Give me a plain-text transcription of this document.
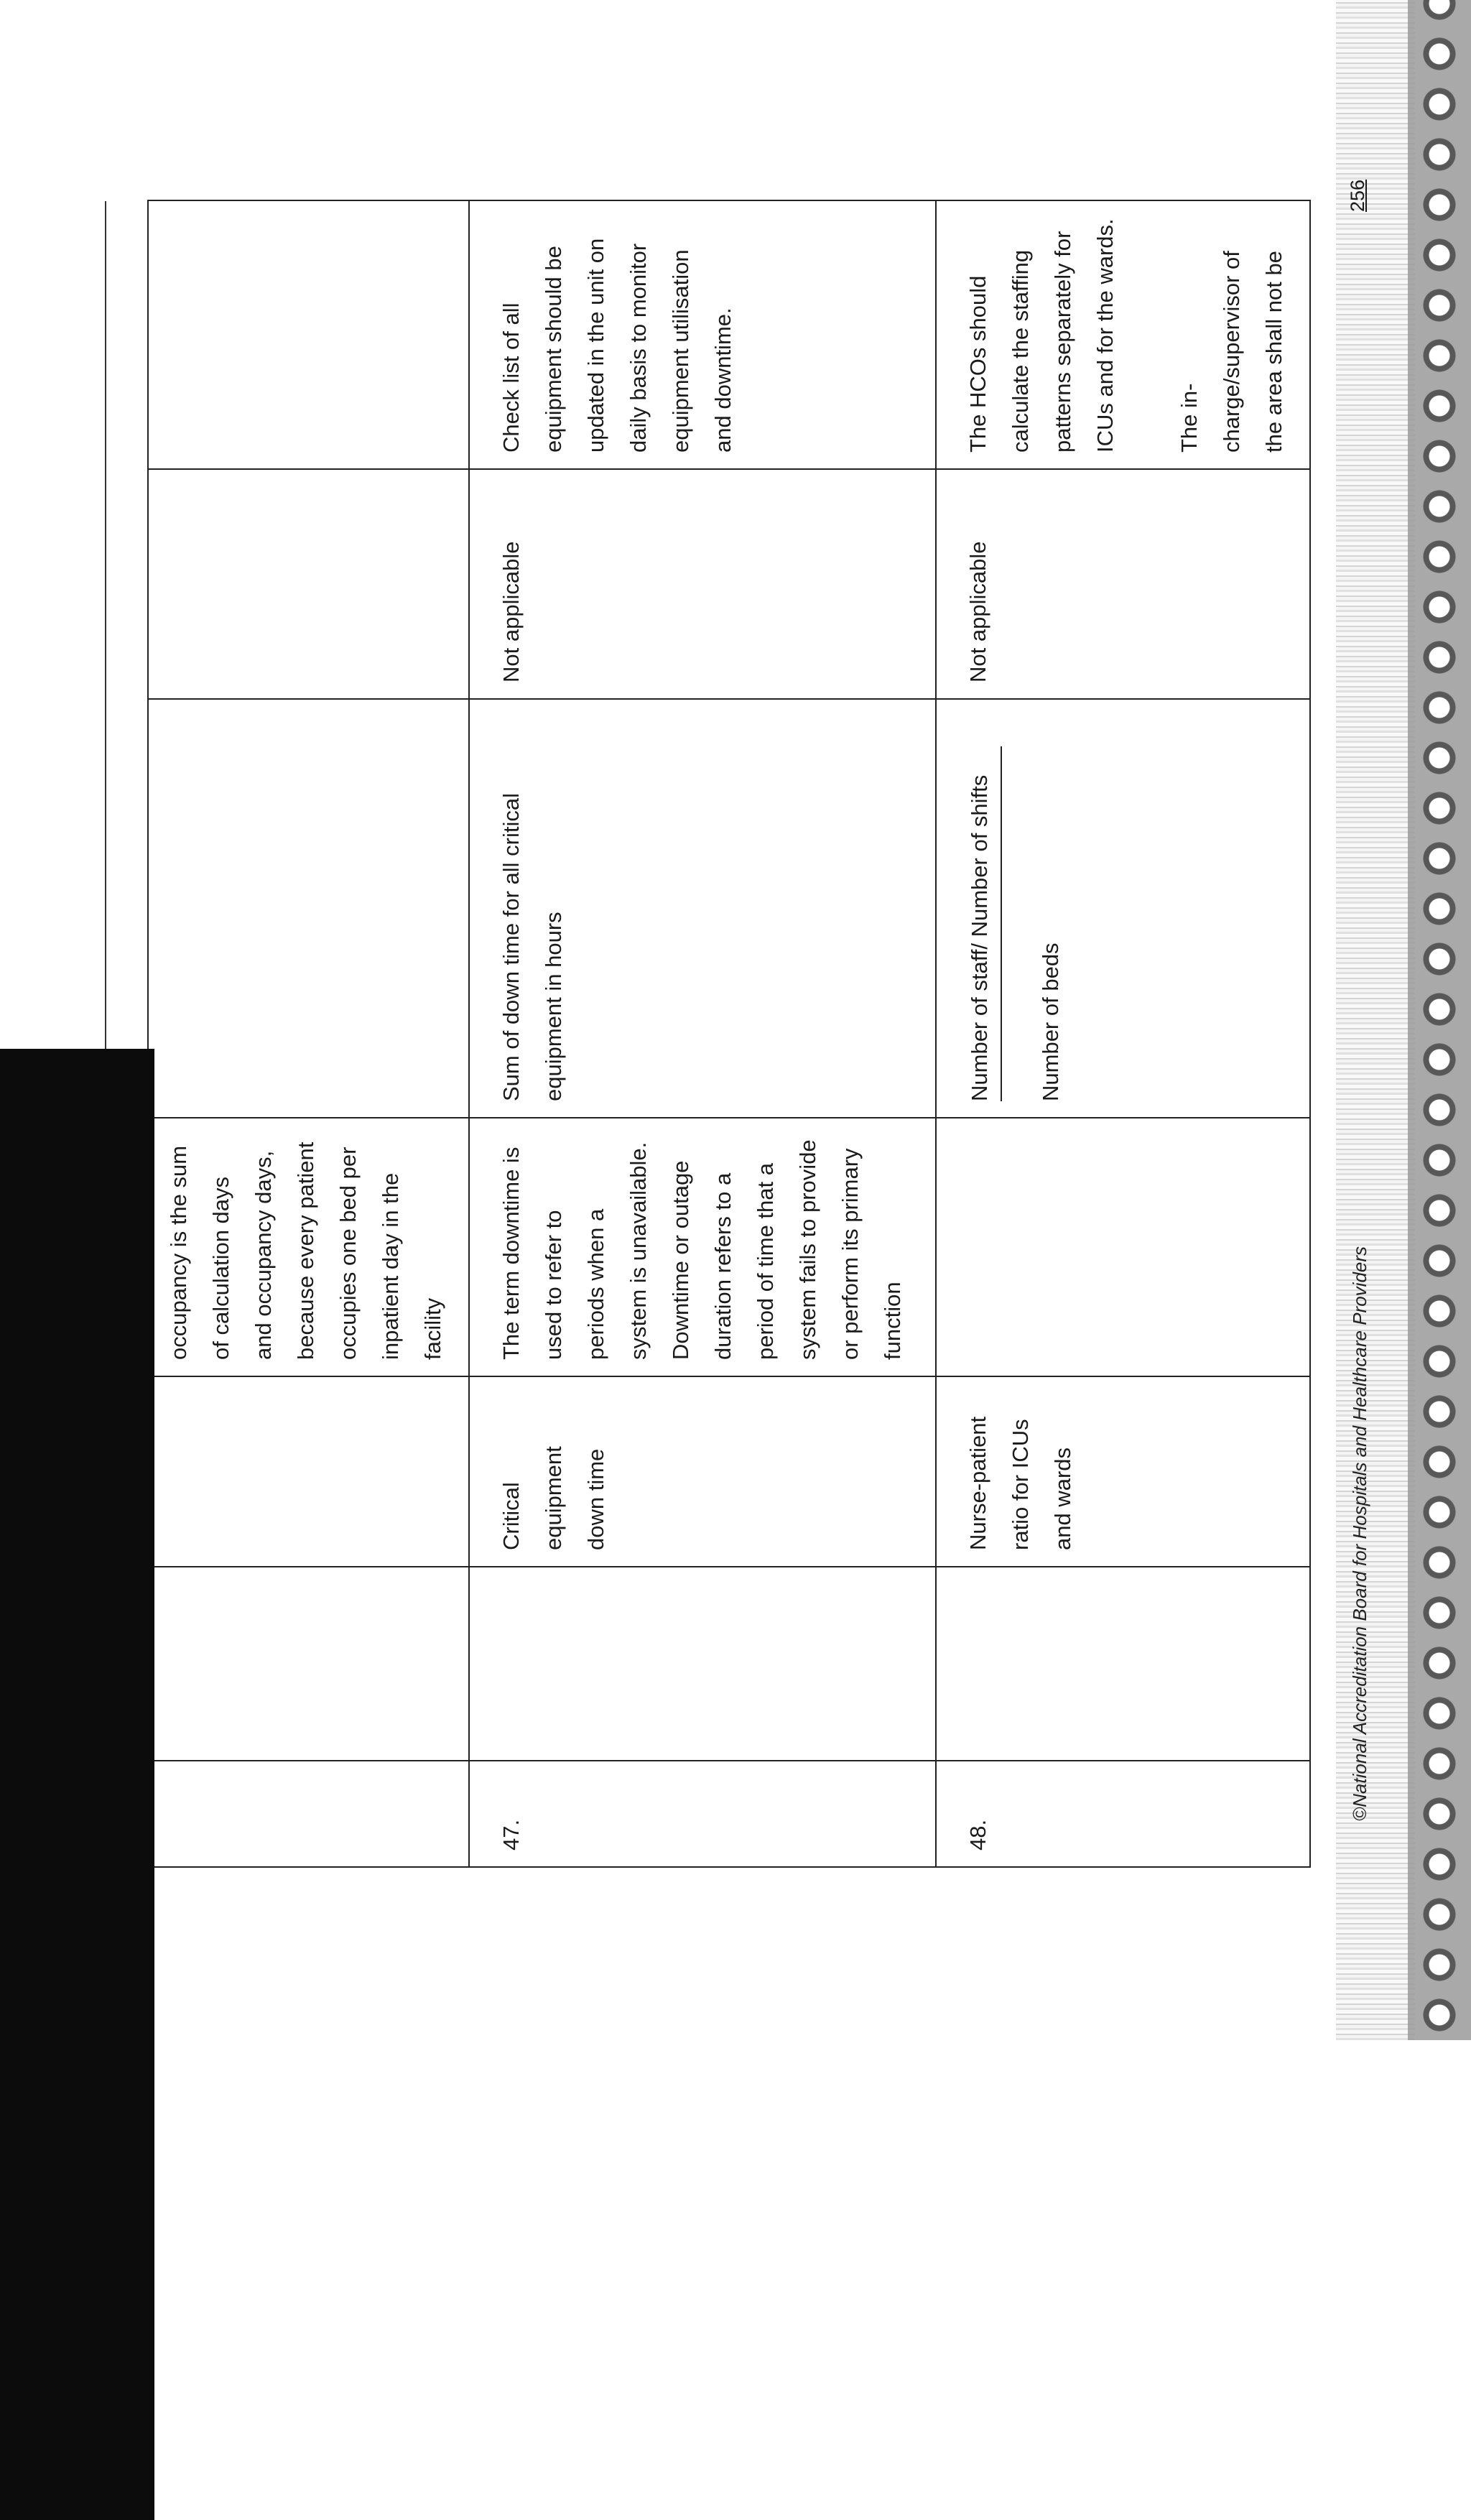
			occupancy is the sum of calculation days and occupancy days, because every patient occupies one bed per inpatient day in the facility			
47.		Critical equipment down time	The term downtime is used to refer to periods when a system is unavailable. Downtime or outage duration refers to a period of time that a system fails to provide or perform its primary function	Sum of down time for all critical equipment in hours	Not applicable	Check list of all equipment should be updated in the unit on daily basis to monitor equipment utilisation and downtime.
48.		Nurse-patient ratio for ICUs and wards		Number of staff/ Number of shifts Number of beds	Not applicable	The HCOs should calculate the staffing patterns separately for ICUs and for the wards. The in-charge/supervisor of the area shall not be
©National Accreditation Board for Hospitals and Healthcare Providers
256
